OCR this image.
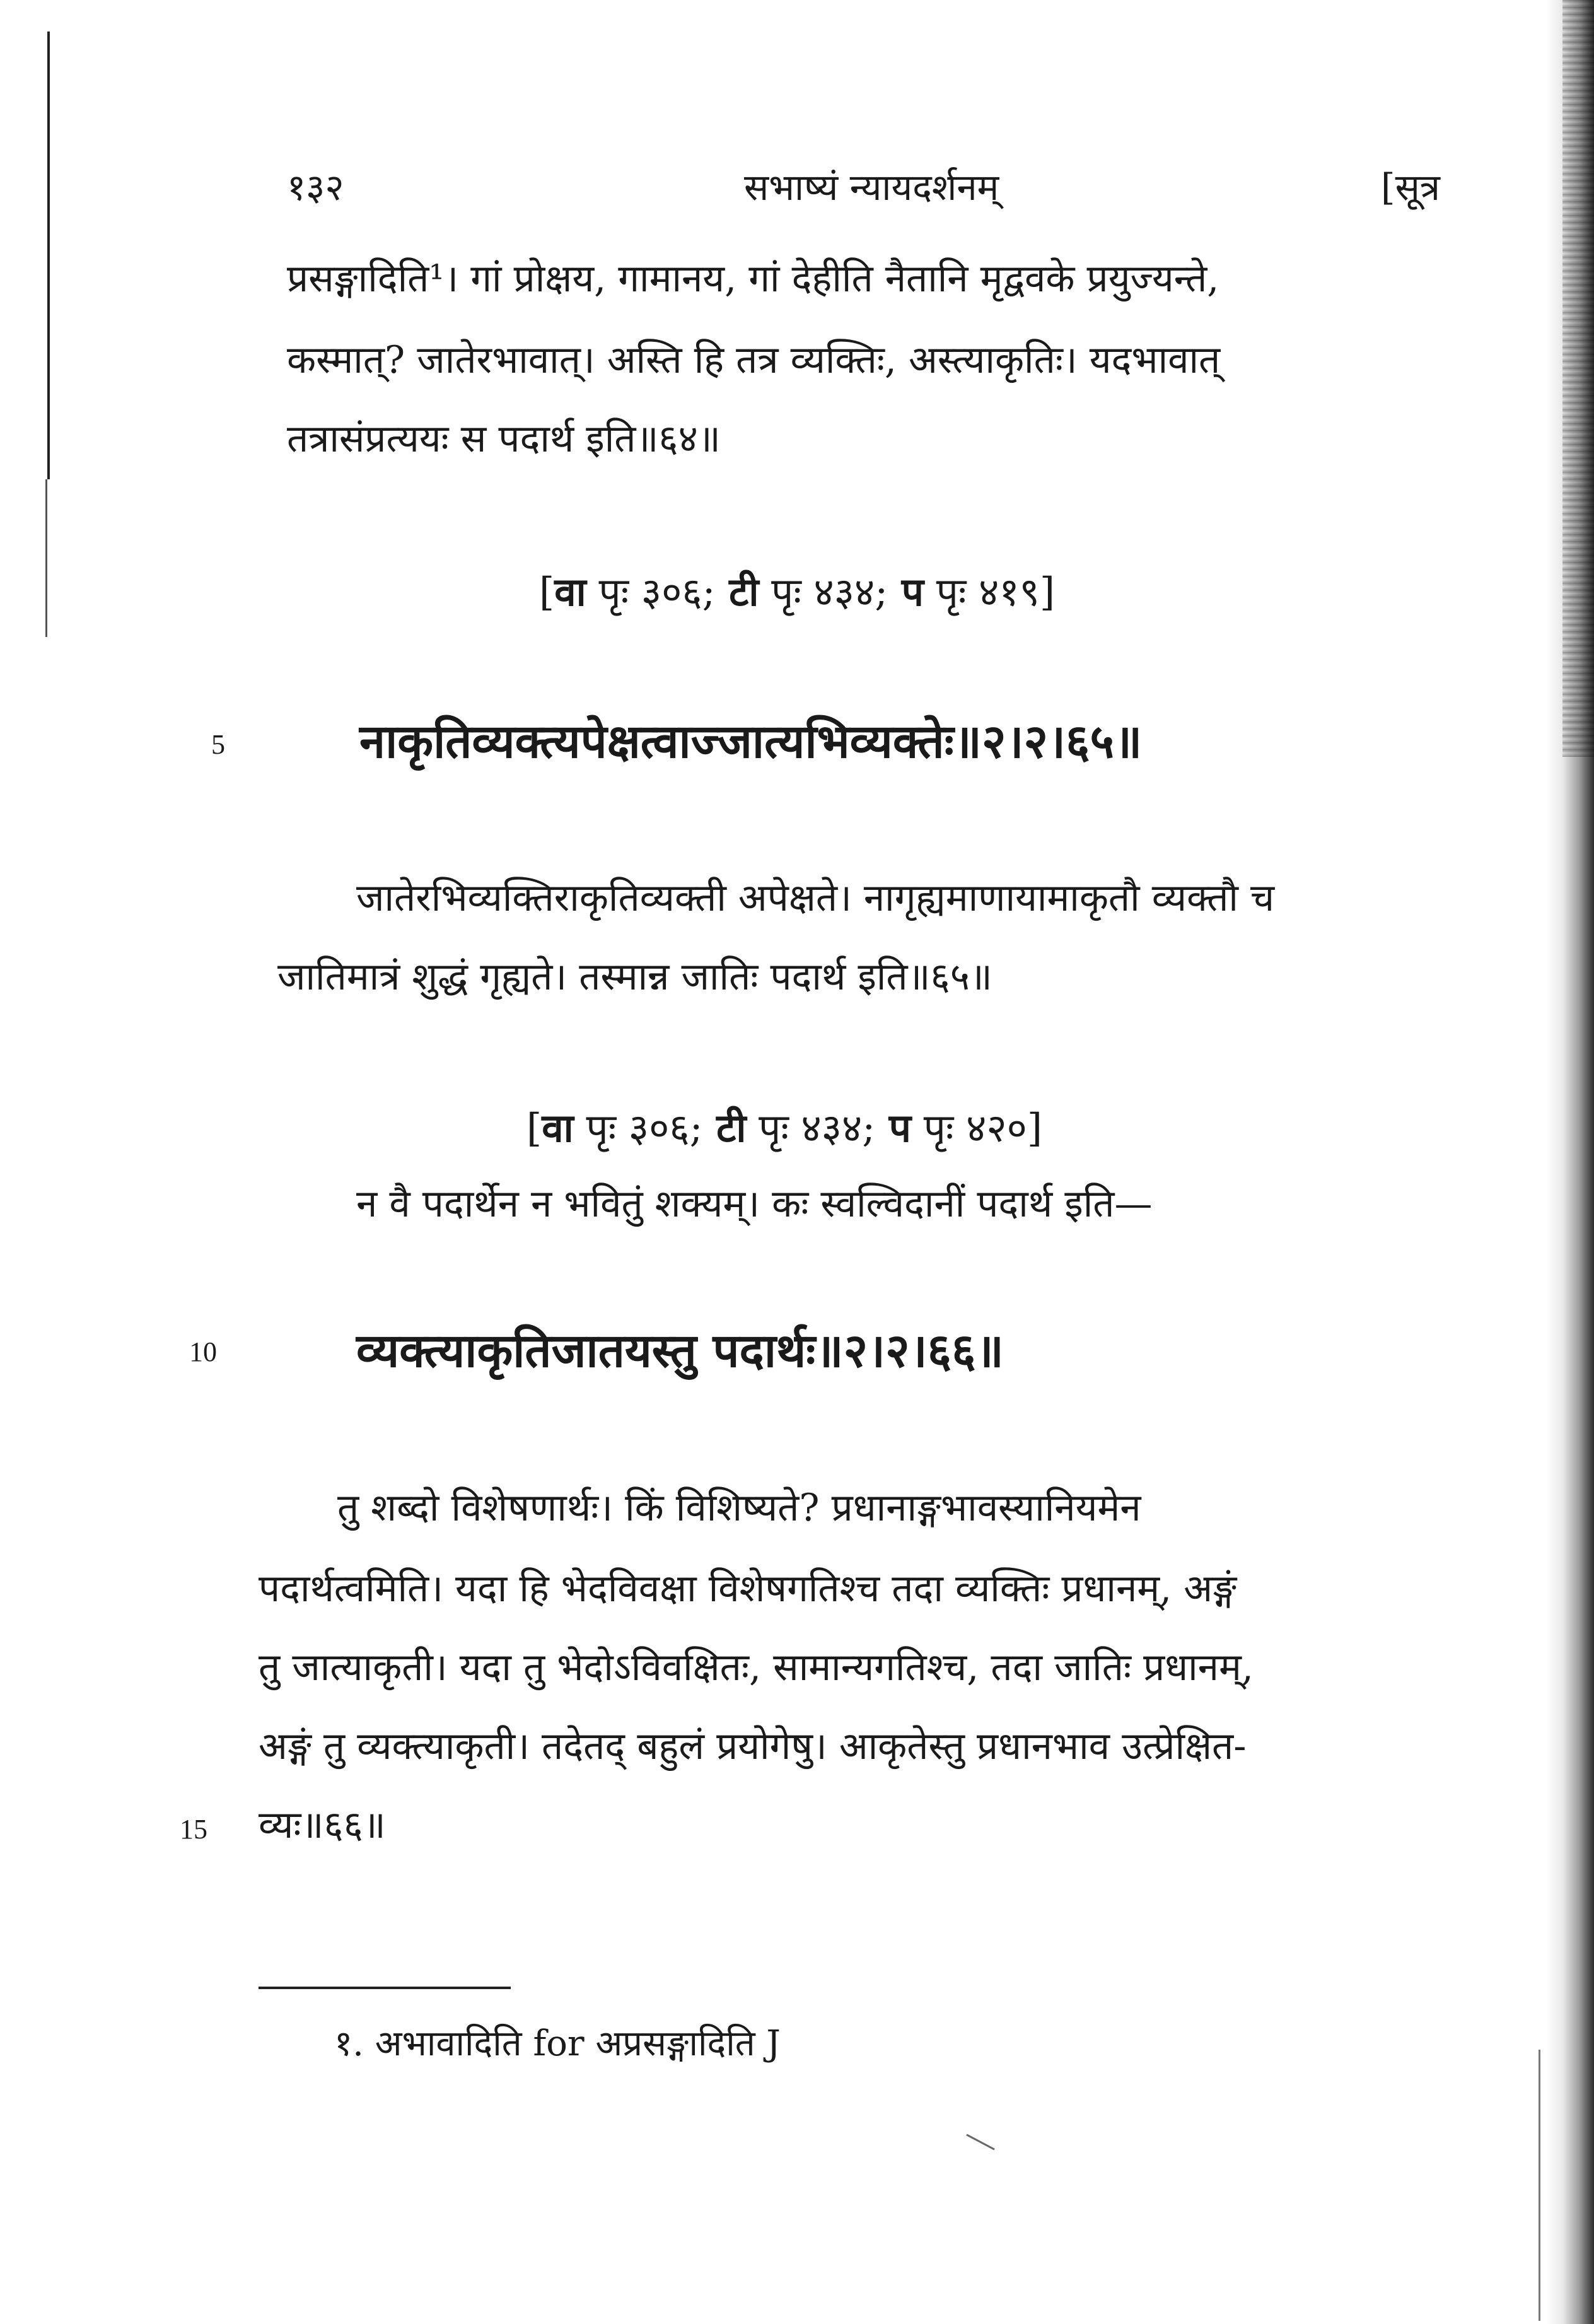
१३२	सभाष्यं न्यायदर्शनम्	[सूत्र
प्रसङ्गादिति¹। गां प्रोक्षय, गामानय, गां देहीति नैतानि मृद्ववके प्रयुज्यन्ते,
कस्मात्? जातेरभावात्। अस्ति हि तत्र व्यक्तिः, अस्त्याकृतिः। यदभावात्
तत्रासंप्रत्ययः स पदार्थ इति॥६४॥
[वा पृः ३०६; टी पृः ४३४; प पृः ४१९]
5	नाकृतिव्यक्त्यपेक्षत्वाज्जात्यभिव्यक्तेः॥२।२।६५॥
जातेरभिव्यक्तिराकृतिव्यक्ती अपेक्षते। नागृह्यमाणायामाकृतौ व्यक्तौ च
जातिमात्रं शुद्धं गृह्यते। तस्मान्न जातिः पदार्थ इति॥६५॥
[वा पृः ३०६; टी पृः ४३४; प पृः ४२०]
न वै पदार्थेन न भवितुं शक्यम्। कः स्वल्विदानीं पदार्थ इति—
10	व्यक्त्याकृतिजातयस्तु पदार्थः॥२।२।६६॥
तु शब्दो विशेषणार्थः। किं विशिष्यते? प्रधानाङ्गभावस्यानियमेन
पदार्थत्वमिति। यदा हि भेदविवक्षा विशेषगतिश्च तदा व्यक्तिः प्रधानम्, अङ्गं
तु जात्याकृती। यदा तु भेदोऽविवक्षितः, सामान्यगतिश्च, तदा जातिः प्रधानम्,
अङ्गं तु व्यक्त्याकृती। तदेतद् बहुलं प्रयोगेषु। आकृतेस्तु प्रधानभाव उत्प्रेक्षित-
15 व्यः॥६६॥
१. अभावादिति for अप्रसङ्गादिति J
